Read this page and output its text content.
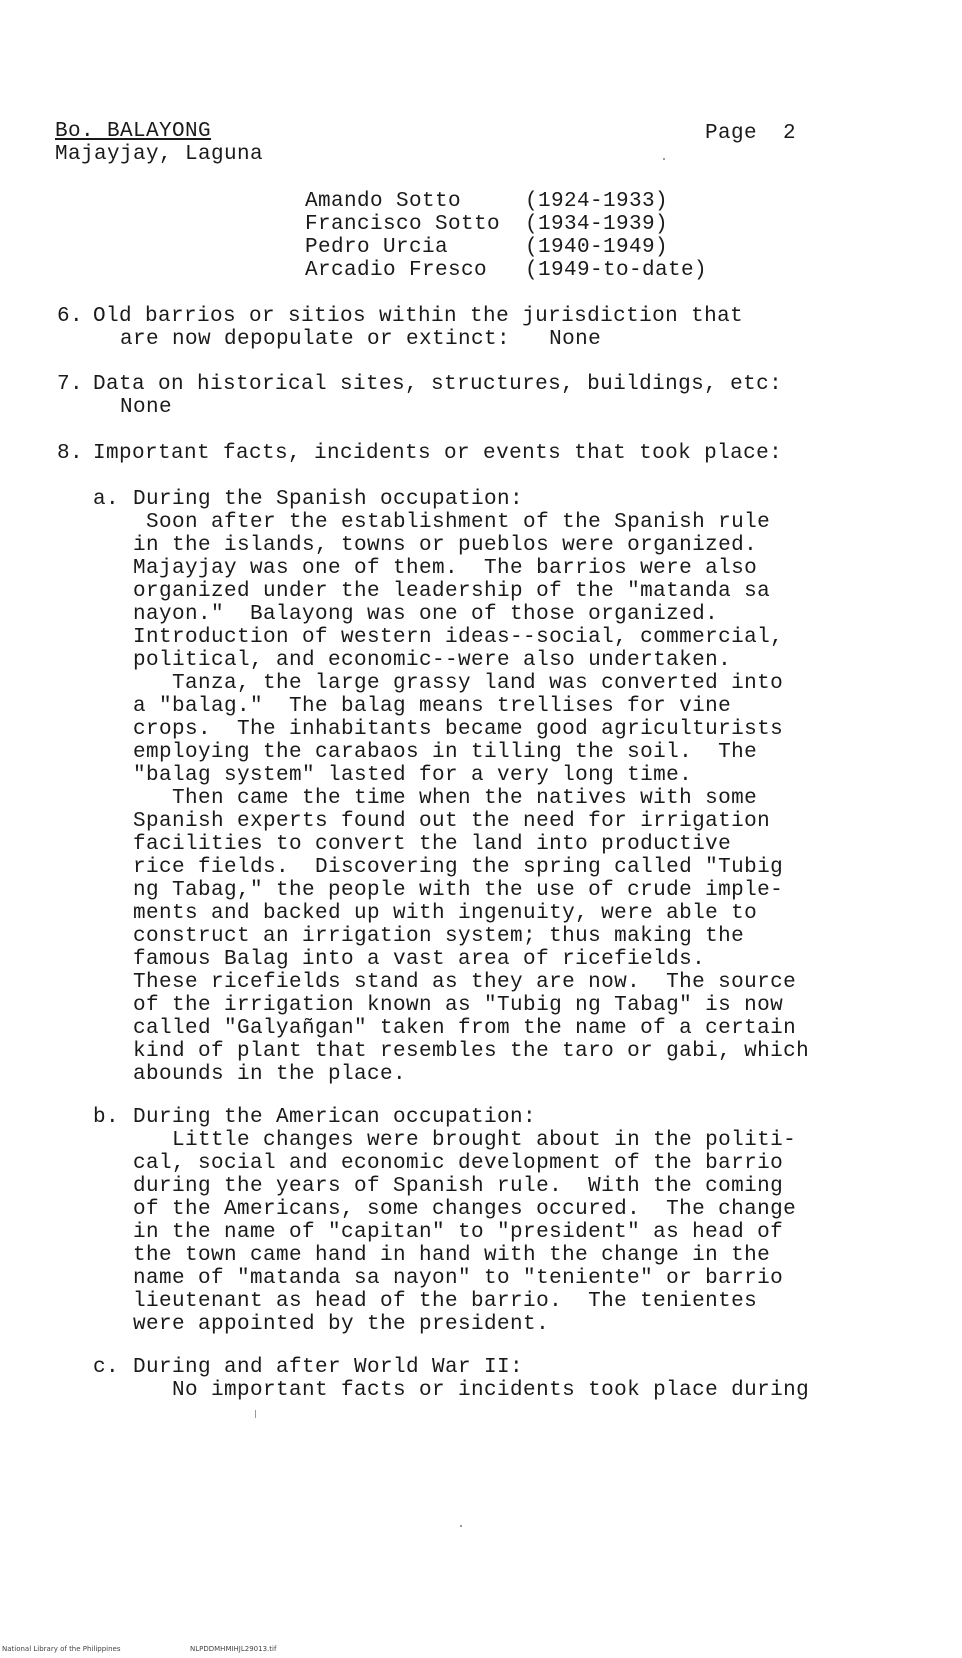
Bo. BALAYONG
Majayjay, Laguna
Page  2
Amando Sotto	(1924-1933)
Francisco Sotto (1934-1939)
Pedro Urcia	(1940-1949)
Arcadio Fresco (1949-to-date)
6. Old barrios or sitios within the jurisdiction that
are now depopulate or extinct:   None
7. Data on historical sites, structures, buildings, etc:
None
8. Important facts, incidents or events that took place:
a. During the Spanish occupation:
Soon after the establishment of the Spanish rule
in the islands, towns or pueblos were organized.
Majayjay was one of them.  The barrios were also
organized under the leadership of the "matanda sa
nayon."  Balayong was one of those organized.
Introduction of western ideas--social, commercial,
political, and economic--were also undertaken.
Tanza, the large grassy land was converted into
a "balag."  The balag means trellises for vine
crops.  The inhabitants became good agriculturists
employing the carabaos in tilling the soil.  The
"balag system" lasted for a very long time.
Then came the time when the natives with some
Spanish experts found out the need for irrigation
facilities to convert the land into productive
rice fields.  Discovering the spring called "Tubig
ng Tabag," the people with the use of crude imple-
ments and backed up with ingenuity, were able to
construct an irrigation system; thus making the
famous Balag into a vast area of ricefields.
These ricefields stand as they are now.  The source
of the irrigation known as "Tubig ng Tabag" is now
called "Galyañgan" taken from the name of a certain
kind of plant that resembles the taro or gabi, which
abounds in the place.
b. During the American occupation:
Little changes were brought about in the politi-
cal, social and economic development of the barrio
during the years of Spanish rule.  With the coming
of the Americans, some changes occured.  The change
in the name of "capitan" to "president" as head of
the town came hand in hand with the change in the
name of "matanda sa nayon" to "teniente" or barrio
lieutenant as head of the barrio.  The tenientes
were appointed by the president.
c. During and after World War II:
No important facts or incidents took place during
National Library of the Philippines	NLPDDMHMIHJL29013.tif
